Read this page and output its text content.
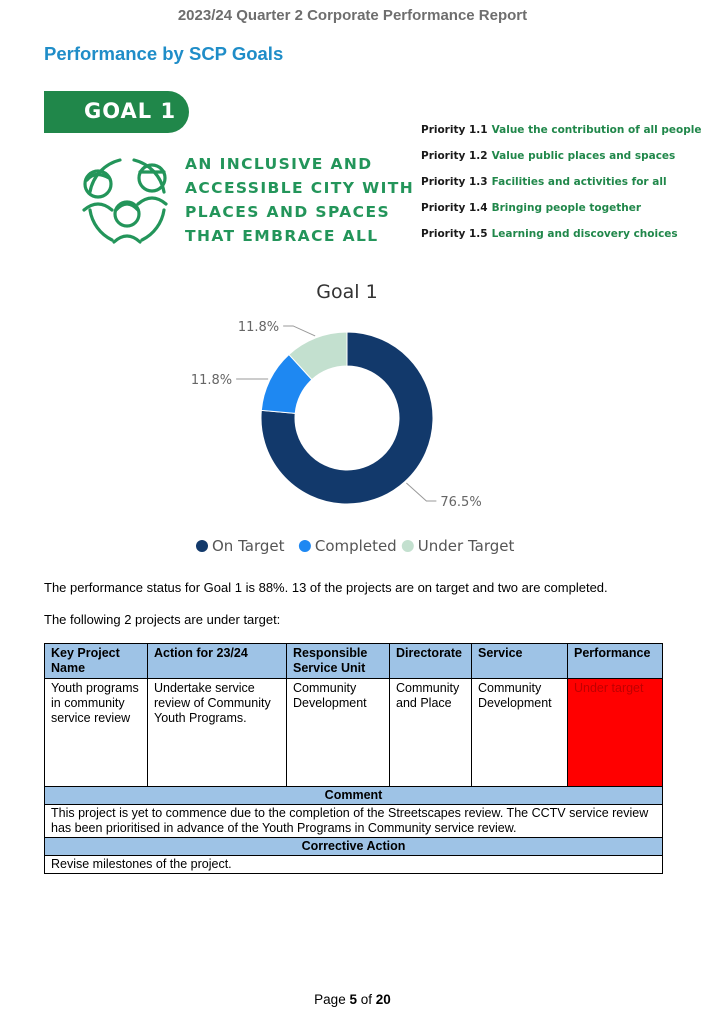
2023/24 Quarter 2 Corporate Performance Report
Performance by SCP Goals
GOAL 1
AN INCLUSIVE AND
ACCESSIBLE CITY WITH
PLACES AND SPACES
THAT EMBRACE ALL
Priority 1.1 Value the contribution of all people
Priority 1.2 Value public places and spaces
Priority 1.3 Facilities and activities for all
Priority 1.4 Bringing people together
Priority 1.5 Learning and discovery choices
Goal 1
76.5%
11.8%
11.8%
On Target Completed Under Target
The performance status for Goal 1 is 88%. 13 of the projects are on target and two are completed.
The following 2 projects are under target:
Key Project Name	Action for 23/24	Responsible Service Unit	Directorate	Service	Performance
Youth programs in community service review	Undertake service review of Community Youth Programs.	Community Development	Community and Place	Community Development	Under target
Comment					
This project is yet to commence due to the completion of the Streetscapes review. The CCTV service review has been prioritised in advance of the Youth Programs in Community service review.					
Corrective Action					
Revise milestones of the project.					
Page 5 of 20
